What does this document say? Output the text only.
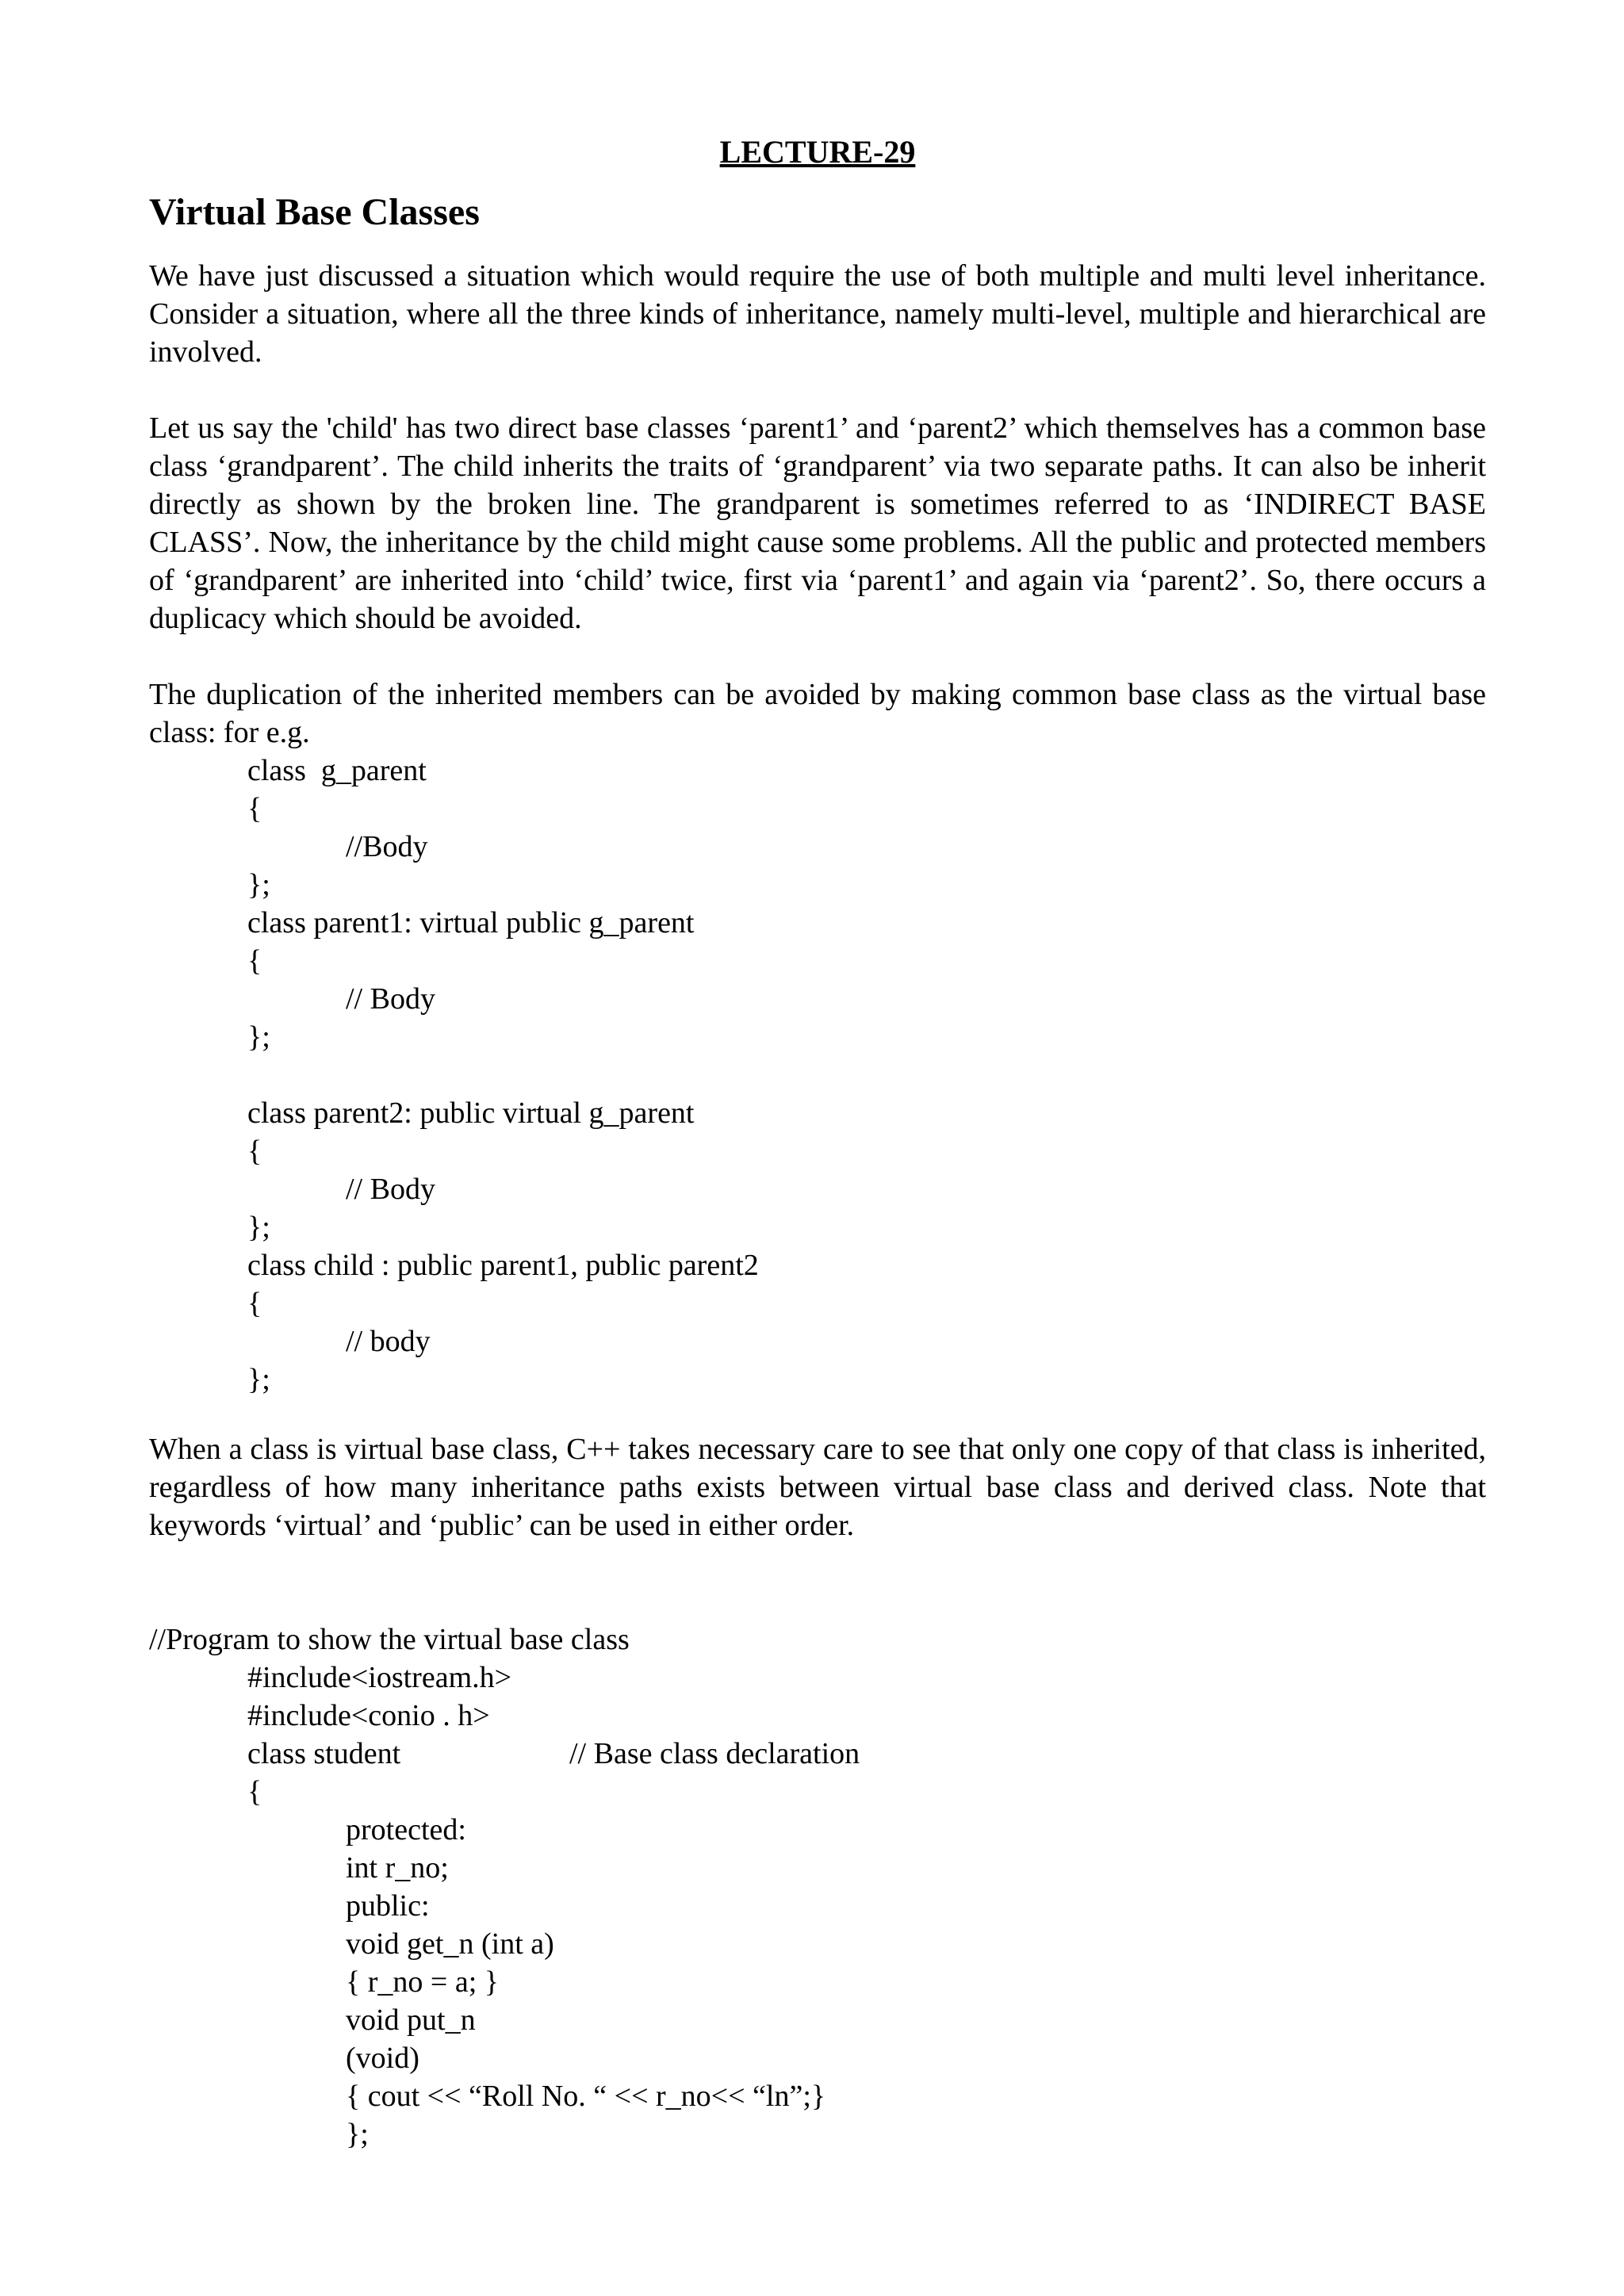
LECTURE-29
Virtual Base Classes

We have just discussed a situation which would require the use of both multiple and multi level inheritance. Consider a situation, where all the three kinds of inheritance, namely multi-level, multiple and hierarchical are involved.

Let us say the 'child' has two direct base classes ‘parent1’ and ‘parent2’ which themselves has a common base class ‘grandparent’. The child inherits the traits of ‘grandparent’ via two separate paths. It can also be inherit directly as shown by the broken line. The grandparent is sometimes referred to as ‘INDIRECT BASE CLASS’. Now, the inheritance by the child might cause some problems. All the public and protected members of ‘grandparent’ are inherited into ‘child’ twice, first via ‘parent1’ and again via ‘parent2’. So, there occurs a duplicacy which should be avoided.

The duplication of the inherited members can be avoided by making common base class as the virtual base class: for e.g.

class  g_parent
{
//Body
};
class parent1: virtual public g_parent
{
// Body
};
class parent2: public virtual g_parent
{
// Body
};
class child : public parent1, public parent2
{
// body
};

When a class is virtual base class, C++ takes necessary care to see that only one copy of that class is inherited, regardless of how many inheritance paths exists between virtual base class and derived class. Note that keywords ‘virtual’ and ‘public’ can be used in either order.

//Program to show the virtual base class
#include<iostream.h>
#include<conio . h>
class student	// Base class declaration
{
protected:
int r_no;
public:
void get_n (int a)
{ r_no = a; }
void put_n
(void)
{ cout << “Roll No. “ << r_no<< “ln”;}
};
